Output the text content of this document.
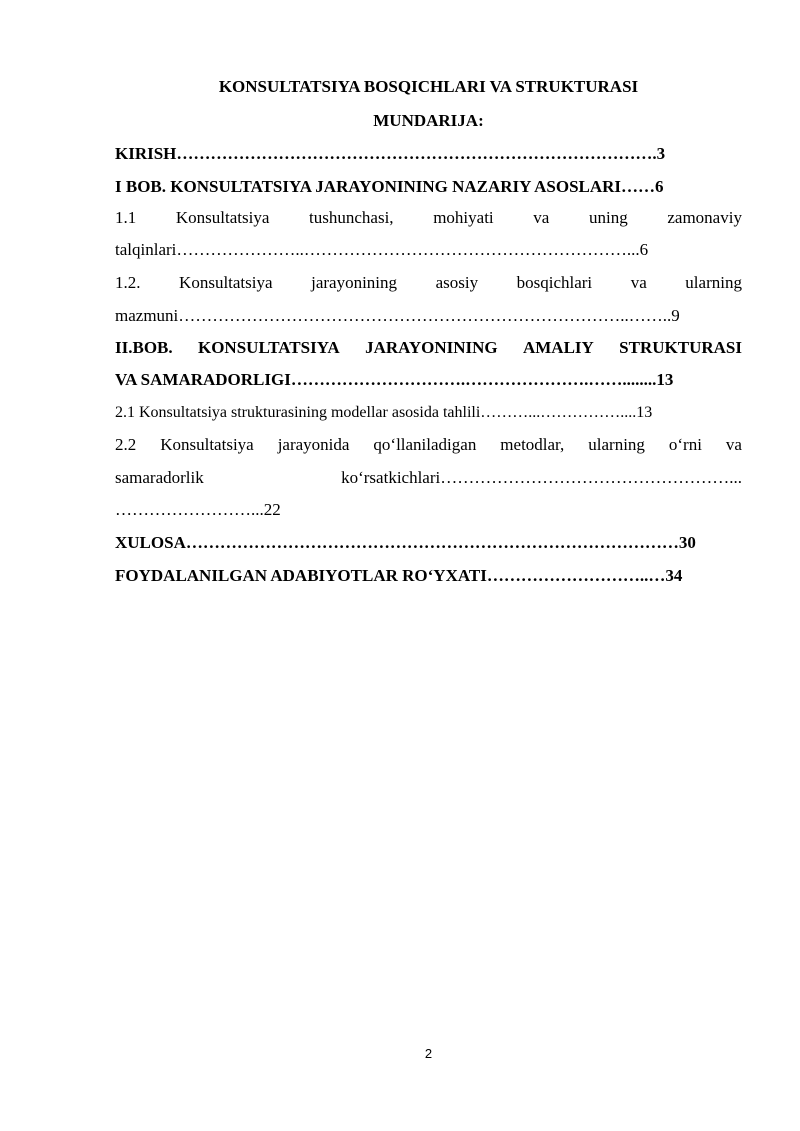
KONSULTATSIYA BOSQICHLARI VA STRUKTURASI
MUNDARIJA:
KIRISH………………………………………………………………………….3
I BOB. KONSULTATSIYA JARAYONINING NAZARIY ASOSLARI……6
1.1 Konsultatsiya tushunchasi, mohiyati va uning zamonaviy
talqinlari…………………..…………………………………………………...6
1.2. Konsultatsiya jarayonining asosiy bosqichlari va ularning
mazmuni……………………………………………………………………..……..9
II.BOB. KONSULTATSIYA JARAYONINING AMALIY STRUKTURASI
VA SAMARADORLIGI………………………….………………….……........13
2.1 Konsultatsiya strukturasining modellar asosida tahlili………...……………....13
2.2 Konsultatsiya jarayonida qo‘llaniladigan metodlar, ularning o‘rni va
samaradorlik	ko‘rsatkichlari……………………………………………...
……………………...22
XULOSA……………………………………………………………………………30
FOYDALANILGAN ADABIYOTLAR RO‘YXATI………………………..…34
2
